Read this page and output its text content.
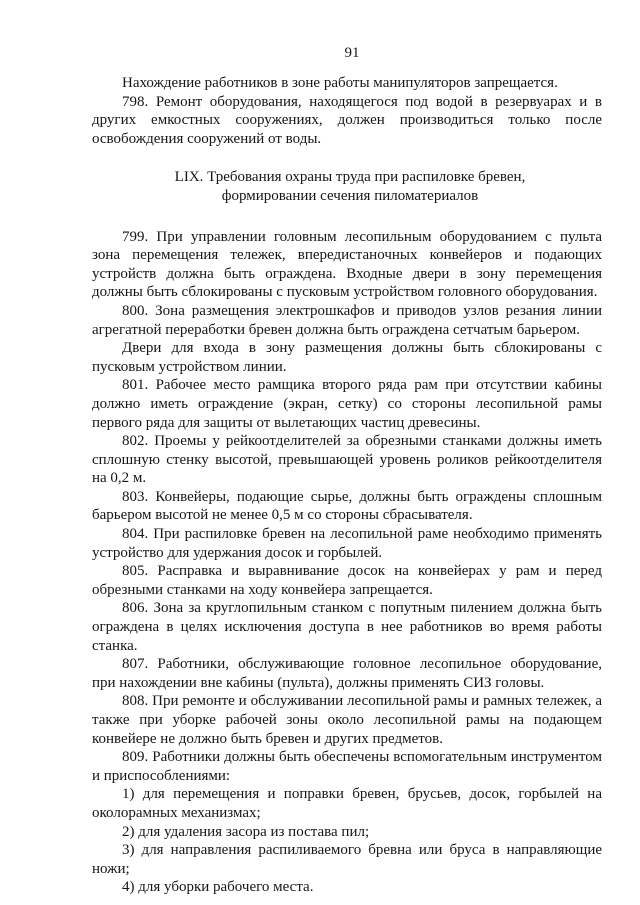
91

Нахождение работников в зоне работы манипуляторов запрещается.

798. Ремонт оборудования, находящегося под водой в резервуарах и в других емкостных сооружениях, должен производиться только после освобождения сооружений от воды.

LIX. Требования охраны труда при распиловке бревен,
формировании сечения пиломатериалов

799. При управлении головным лесопильным оборудованием с пульта зона перемещения тележек, впередистаночных конвейеров и подающих устройств должна быть ограждена. Входные двери в зону перемещения должны быть сблокированы с пусковым устройством головного оборудования.

800. Зона размещения электрошкафов и приводов узлов резания линии агрегатной переработки бревен должна быть ограждена сетчатым барьером.

Двери для входа в зону размещения должны быть сблокированы с пусковым устройством линии.

801. Рабочее место рамщика второго ряда рам при отсутствии кабины должно иметь ограждение (экран, сетку) со стороны лесопильной рамы первого ряда для защиты от вылетающих частиц древесины.

802. Проемы у рейкоотделителей за обрезными станками должны иметь сплошную стенку высотой, превышающей уровень роликов рейкоотделителя на 0,2 м.

803. Конвейеры, подающие сырье, должны быть ограждены сплошным барьером высотой не менее 0,5 м со стороны сбрасывателя.

804. При распиловке бревен на лесопильной раме необходимо применять устройство для удержания досок и горбылей.

805. Расправка и выравнивание досок на конвейерах у рам и перед обрезными станками на ходу конвейера запрещается.

806. Зона за круглопильным станком с попутным пилением должна быть ограждена в целях исключения доступа в нее работников во время работы станка.

807. Работники, обслуживающие головное лесопильное оборудование, при нахождении вне кабины (пульта), должны применять СИЗ головы.

808. При ремонте и обслуживании лесопильной рамы и рамных тележек, а также при уборке рабочей зоны около лесопильной рамы на подающем конвейере не должно быть бревен и других предметов.

809. Работники должны быть обеспечены вспомогательным инструментом и приспособлениями:

1) для перемещения и поправки бревен, брусьев, досок, горбылей на околорамных механизмах;

2) для удаления засора из постава пил;

3) для направления распиливаемого бревна или бруса в направляющие ножи;

4) для уборки рабочего места.
